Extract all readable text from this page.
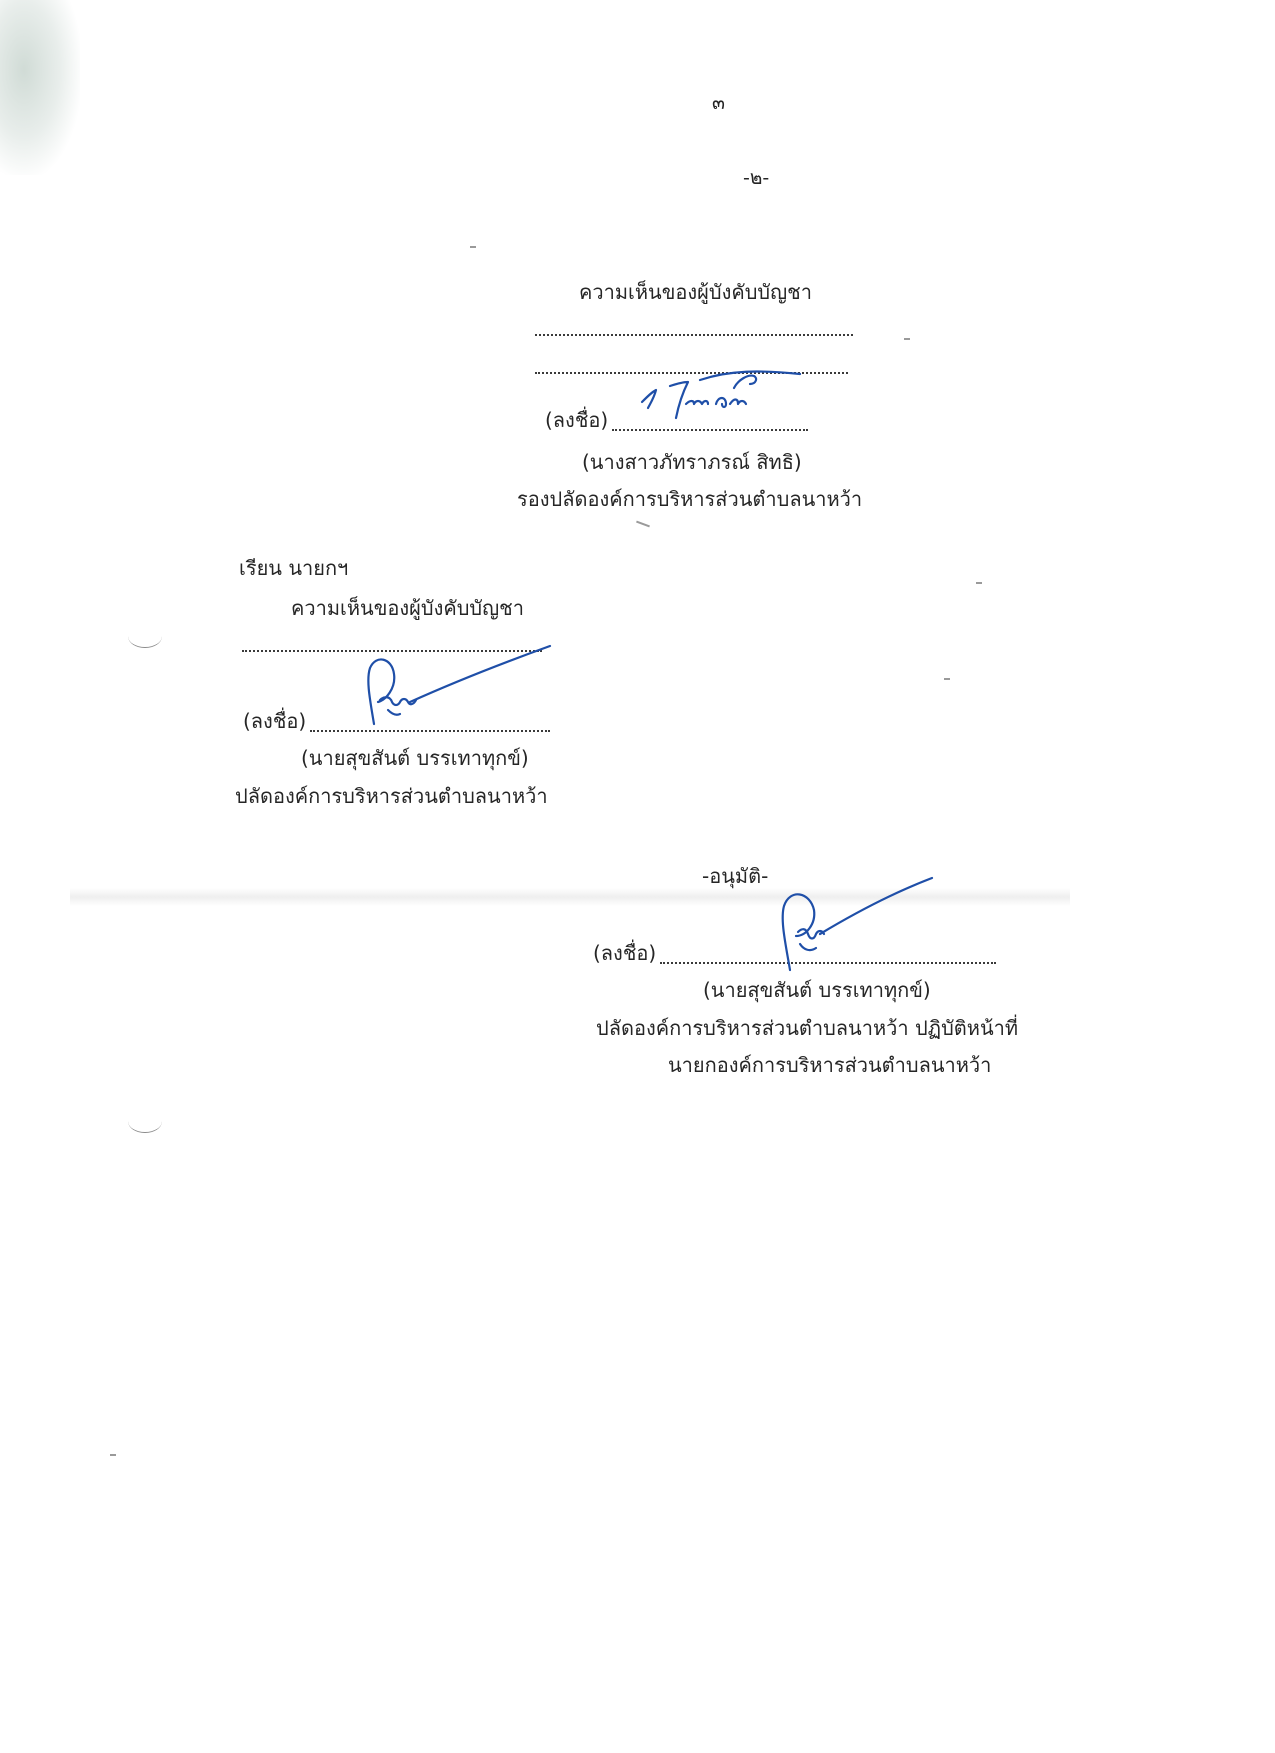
๓
-๒-
ความเห็นของผู้บังคับบัญชา
(ลงชื่อ)
(นางสาวภัทราภรณ์ สิทธิ)
รองปลัดองค์การบริหารส่วนตำบลนาหว้า
เรียน นายกฯ
ความเห็นของผู้บังคับบัญชา
(ลงชื่อ)
(นายสุขสันต์ บรรเทาทุกข์)
ปลัดองค์การบริหารส่วนตำบลนาหว้า
-อนุมัติ-
(ลงชื่อ)
(นายสุขสันต์ บรรเทาทุกข์)
ปลัดองค์การบริหารส่วนตำบลนาหว้า ปฏิบัติหน้าที่
นายกองค์การบริหารส่วนตำบลนาหว้า
